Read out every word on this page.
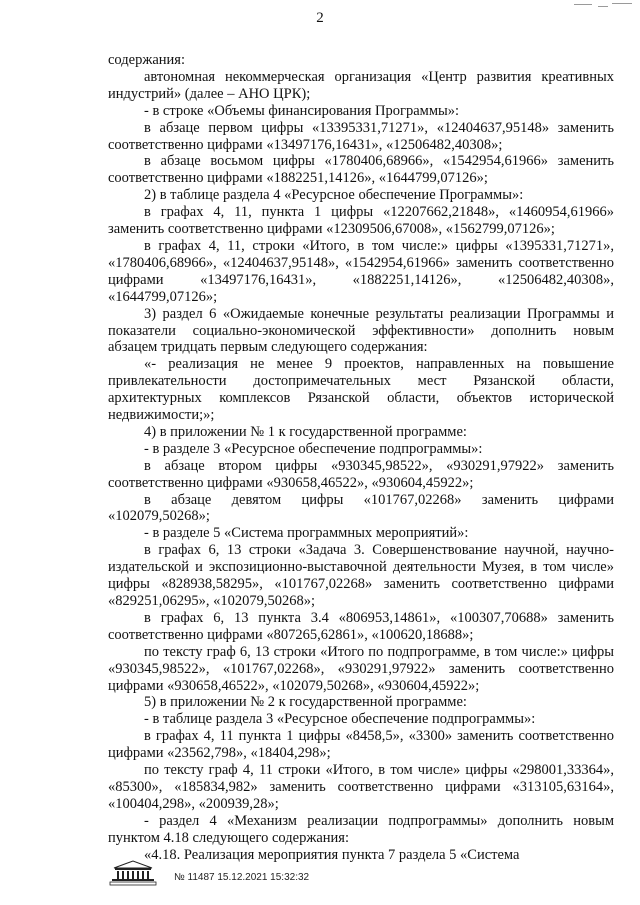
2

содержания:

автономная некоммерческая организация «Центр развития креативных индустрий» (далее – АНО ЦРК);

- в строке «Объемы финансирования Программы»:

в абзаце первом цифры «13395331,71271», «12404637,95148» заменить соответственно цифрами «13497176,16431», «12506482,40308»;

в абзаце восьмом цифры «1780406,68966», «1542954,61966» заменить соответственно цифрами «1882251,14126», «1644799,07126»;

2) в таблице раздела 4 «Ресурсное обеспечение Программы»:

в графах 4, 11, пункта 1 цифры «12207662,21848», «1460954,61966» заменить соответственно цифрами «12309506,67008», «1562799,07126»;

в графах 4, 11, строки «Итого, в том числе:» цифры «1395331,71271», «1780406,68966», «12404637,95148», «1542954,61966» заменить соответственно цифрами «13497176,16431», «1882251,14126», «12506482,40308», «1644799,07126»;

3) раздел 6 «Ожидаемые конечные результаты реализации Программы и показатели социально-экономической эффективности» дополнить новым абзацем тридцать первым следующего содержания:

«- реализация не менее 9 проектов, направленных на повышение привлекательности достопримечательных мест Рязанской области, архитектурных комплексов Рязанской области, объектов исторической недвижимости;»;

4) в приложении № 1 к государственной программе:

- в разделе 3 «Ресурсное обеспечение подпрограммы»:

в абзаце втором цифры «930345,98522», «930291,97922» заменить соответственно цифрами «930658,46522», «930604,45922»;

в абзаце девятом цифры «101767,02268» заменить цифрами «102079,50268»;

- в разделе 5 «Система программных мероприятий»:

в графах 6, 13 строки «Задача 3. Совершенствование научной, научно-издательской и экспозиционно-выставочной деятельности Музея, в том числе» цифры «828938,58295», «101767,02268» заменить соответственно цифрами «829251,06295», «102079,50268»;

в графах 6, 13 пункта 3.4 «806953,14861», «100307,70688» заменить соответственно цифрами «807265,62861», «100620,18688»;

по тексту граф 6, 13 строки «Итого по подпрограмме, в том числе:» цифры «930345,98522», «101767,02268», «930291,97922» заменить соответственно цифрами «930658,46522», «102079,50268», «930604,45922»;

5) в приложении № 2 к государственной программе:

- в таблице раздела 3 «Ресурсное обеспечение подпрограммы»:

в графах 4, 11 пункта 1 цифры «8458,5», «3300» заменить соответственно цифрами «23562,798», «18404,298»;

по тексту граф 4, 11 строки «Итого, в том числе» цифры «298001,33364», «85300», «185834,982» заменить соответственно цифрами «313105,63164», «100404,298», «200939,28»;

- раздел 4 «Механизм реализации подпрограммы» дополнить новым пунктом 4.18 следующего содержания:

«4.18. Реализация мероприятия пункта 7 раздела 5 «Система

№ 11487 15.12.2021 15:32:32
